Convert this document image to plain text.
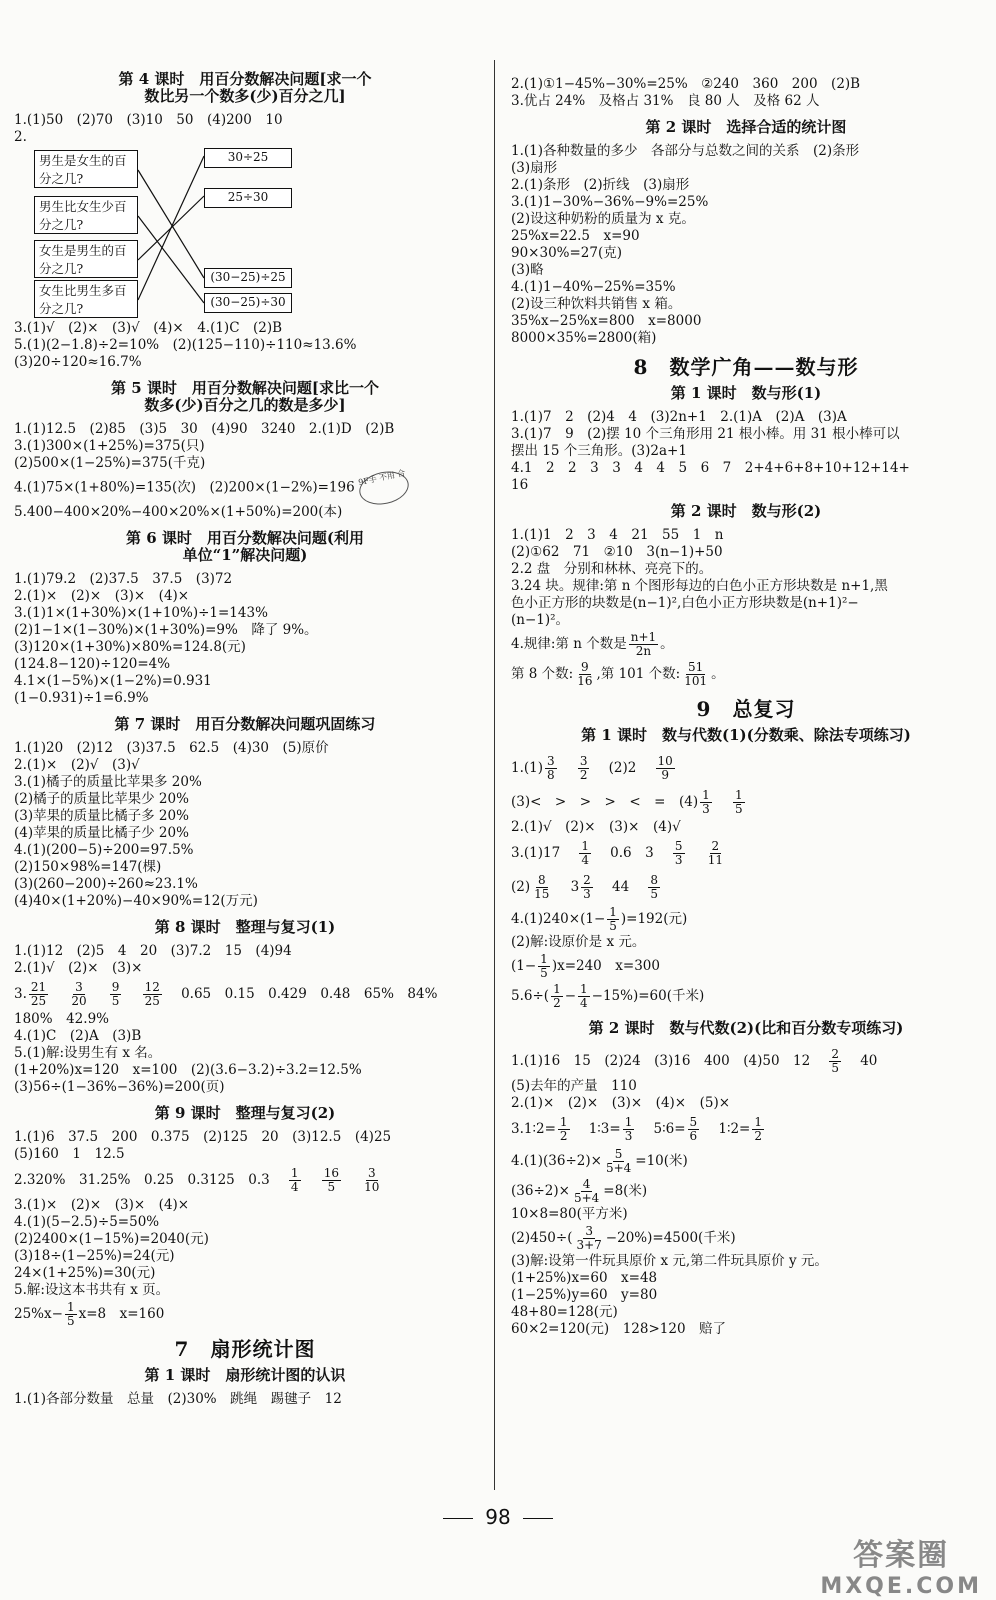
第 4 课时　用百分数解决问题[求一个
数比另一个数多(少)百分之几]
1.(1)50　(2)70　(3)10　50　(4)200　10
2.
男生是女生的百分之几?
男生比女生少百分之几?
女生是男生的百分之几?
女生比男生多百分之几?
30÷25
25÷30
(30−25)÷25
(30−25)÷30
3.(1)√　(2)×　(3)√　(4)×　4.(1)C　(2)B
5.(1)(2−1.8)÷2=10%　(2)(125−110)÷110≈13.6%
(3)20÷120≈16.7%
第 5 课时　用百分数解决问题[求比一个
数多(少)百分之几的数是多少]
1.(1)12.5　(2)85　(3)5　30　(4)90　3240　2.(1)D　(2)B
3.(1)300×(1+25%)=375(只)
(2)500×(1−25%)=375(千克)
4.(1)75×(1+80%)=135(次)　(2)200×(1−2%)=1969F手 不用 合
5.400−400×20%−400×20%×(1+50%)=200(本)
第 6 课时　用百分数解决问题(利用
单位“1”解决问题)
1.(1)79.2　(2)37.5　37.5　(3)72
2.(1)×　(2)×　(3)×　(4)×
3.(1)1×(1+30%)×(1+10%)÷1=143%
(2)1−1×(1−30%)×(1+30%)=9%　降了 9%。
(3)120×(1+30%)×80%=124.8(元)
(124.8−120)÷120=4%
4.1×(1−5%)×(1−2%)=0.931
(1−0.931)÷1=6.9%
第 7 课时　用百分数解决问题巩固练习
1.(1)20　(2)12　(3)37.5　62.5　(4)30　(5)原价
2.(1)×　(2)√　(3)√
3.(1)橘子的质量比苹果多 20%
(2)橘子的质量比苹果少 20%
(3)苹果的质量比橘子多 20%
(4)苹果的质量比橘子少 20%
4.(1)(200−5)÷200=97.5%
(2)150×98%=147(棵)
(3)(260−200)÷260≈23.1%
(4)40×(1+20%)−40×90%=12(万元)
第 8 课时　整理与复习(1)
1.(1)12　(2)5　4　20　(3)7.2　15　(4)94
2.(1)√　(2)×　(3)×
3. $\frac{21}{25}$

$\frac{3}{20}$

$\frac{9}{5}$

$\frac{12}{25}$

0.65　0.15　0.429　0.48　65%　84%
180%　42.9%
4.(1)C　(2)A　(3)B
5.(1)解:设男生有 x 名。
(1+20%)x=120　x=100　(2)(3.6−3.2)÷3.2=12.5%
(3)56÷(1−36%−36%)=200(页)
第 9 课时　整理与复习(2)
1.(1)6　37.5　200　0.375　(2)125　20　(3)12.5　(4)25
(5)160　1　12.5
2.320%　31.25%　0.25　0.3125　0.3

$\frac{1}{4}$

$\frac{16}{5}$

$\frac{3}{10}$
3.(1)×　(2)×　(3)×　(4)×
4.(1)(5−2.5)÷5=50%
(2)2400×(1−15%)=2040(元)
(3)18÷(1−25%)=24(元)
24×(1+25%)=30(元)
5.解:设这本书共有 x 页。
$25\%x- \frac{1}{5} x=8$　x=160
7　扇形统计图
第 1 课时　扇形统计图的认识
1.(1)各部分数量　总量　(2)30%　跳绳　踢毽子　12
2.(1)①1−45%−30%=25%　②240　360　200　(2)B
3.优占 24%　及格占 31%　良 80 人　及格 62 人
第 2 课时　选择合适的统计图
1.(1)各种数量的多少　各部分与总数之间的关系　(2)条形
(3)扇形
2.(1)条形　(2)折线　(3)扇形
3.(1)1−30%−36%−9%=25%
(2)设这种奶粉的质量为 x 克。
25%x=22.5　x=90
90×30%=27(克)
(3)略
4.(1)1−40%−25%=35%
(2)设三种饮料共销售 x 箱。
35%x−25%x=800　x=8000
8000×35%=2800(箱)
8　数学广角——数与形
第 1 课时　数与形(1)
1.(1)7　2　(2)4　4　(3)2n+1　2.(1)A　(2)A　(3)A
3.(1)7　9　(2)摆 10 个三角形用 21 根小棒。用 31 根小棒可以
摆出 15 个三角形。(3)2a+1
4.1　2　2　3　3　4　4　5　6　7　2+4+6+8+10+12+14+
16
第 2 课时　数与形(2)
1.(1)1　2　3　4　21　55　1　n
(2)①62　71　②10　3(n−1)+50
2.2 盘　分别和林林、亮亮下的。
3.24 块。规律:第 n 个图形每边的白色小正方形块数是 n+1,黑
色小正方形的块数是(n−1)²,白色小正方形块数是(n+1)²−
(n−1)²。
4.规律:第 n 个数是 $\frac{n+1}{2n}$ 。
第 8 个数: $\frac{9}{16}$ ,第 101 个数: $\frac{51}{101}$ 。
9　总复习
第 1 课时　数与代数(1)(分数乘、除法专项练习)
$1.(1) \frac{3}{8}$

$\frac{3}{2}$

(2)2

$\frac{10}{9}$
(3)<　>　>　>　<　=　$(4) \frac{1}{3}$

$\frac{1}{5}$
2.(1)√　(2)×　(3)×　(4)√
3.(1)17

$\frac{1}{4}$

0.6　3

$\frac{5}{3}$

$\frac{2}{11}$
$(2) \frac{8}{15}$

$3 \frac{2}{3}$

44

$\frac{8}{5}$
$4.(1)240\times(1- \frac{1}{5} )=192$(元)
(2)解:设原价是 x 元。
$(1- \frac{1}{5} )x=240$　x=300
$5.6\div( \frac{1}{2} - \frac{1}{4} -15\%)=60$(千米)
第 2 课时　数与代数(2)(比和百分数专项练习)
1.(1)16　15　(2)24　(3)16　400　(4)50　12

$\frac{2}{5}$

40
(5)去年的产量　110
2.(1)×　(2)×　(3)×　(4)×　(5)×
3.1∶2= $\frac{1}{2}$

1∶3= $\frac{1}{3}$

5∶6= $\frac{5}{6}$

1∶2= $\frac{1}{2}$
$4.(1)(36\div 2)\times \frac{5}{5+4} =10$(米)
$(36\div 2)\times \frac{4}{5+4} =8$(米)
10×8=80(平方米)
$(2)450\div( \frac{3}{3+7} -20\%)=4500$(千米)
(3)解:设第一件玩具原价 x 元,第二件玩具原价 y 元。
(1+25%)x=60　x=48
(1−25%)y=60　y=80
48+80=128(元)
60×2=120(元)　128>120　赔了
98
答案圈
MXQE.COM
